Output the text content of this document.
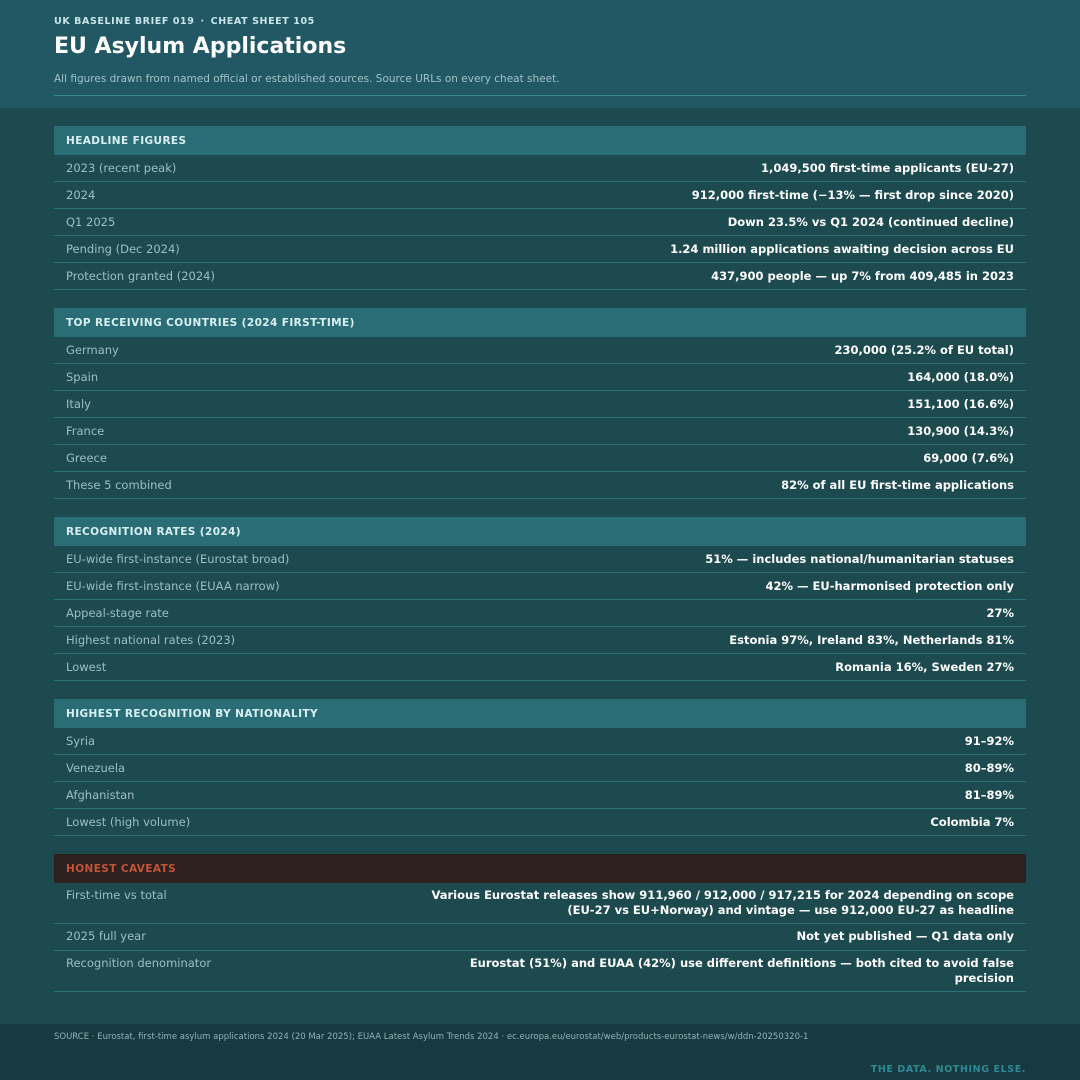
UK BASELINE BRIEF 019 · CHEAT SHEET 105
EU Asylum Applications
All figures drawn from named official or established sources. Source URLs on every cheat sheet.
HEADLINE FIGURES
2023 (recent peak)	1,049,500 first-time applicants (EU-27)
2024	912,000 first-time (−13% — first drop since 2020)
Q1 2025	Down 23.5% vs Q1 2024 (continued decline)
Pending (Dec 2024)	1.24 million applications awaiting decision across EU
Protection granted (2024)	437,900 people — up 7% from 409,485 in 2023
TOP RECEIVING COUNTRIES (2024 FIRST-TIME)
Germany	230,000 (25.2% of EU total)
Spain	164,000 (18.0%)
Italy	151,100 (16.6%)
France	130,900 (14.3%)
Greece	69,000 (7.6%)
These 5 combined	82% of all EU first-time applications
RECOGNITION RATES (2024)
EU-wide first-instance (Eurostat broad)	51% — includes national/humanitarian statuses
EU-wide first-instance (EUAA narrow)	42% — EU-harmonised protection only
Appeal-stage rate	27%
Highest national rates (2023)	Estonia 97%, Ireland 83%, Netherlands 81%
Lowest	Romania 16%, Sweden 27%
HIGHEST RECOGNITION BY NATIONALITY
Syria	91–92%
Venezuela	80–89%
Afghanistan	81–89%
Lowest (high volume)	Colombia 7%
HONEST CAVEATS
First-time vs total	Various Eurostat releases show 911,960 / 912,000 / 917,215 for 2024 depending on scope (EU-27 vs EU+Norway) and vintage — use 912,000 EU-27 as headline
2025 full year	Not yet published — Q1 data only
Recognition denominator	Eurostat (51%) and EUAA (42%) use different definitions — both cited to avoid false precision
SOURCE · Eurostat, first-time asylum applications 2024 (20 Mar 2025); EUAA Latest Asylum Trends 2024 · ec.europa.eu/eurostat/web/products-eurostat-news/w/ddn-20250320-1
THE DATA. NOTHING ELSE.
